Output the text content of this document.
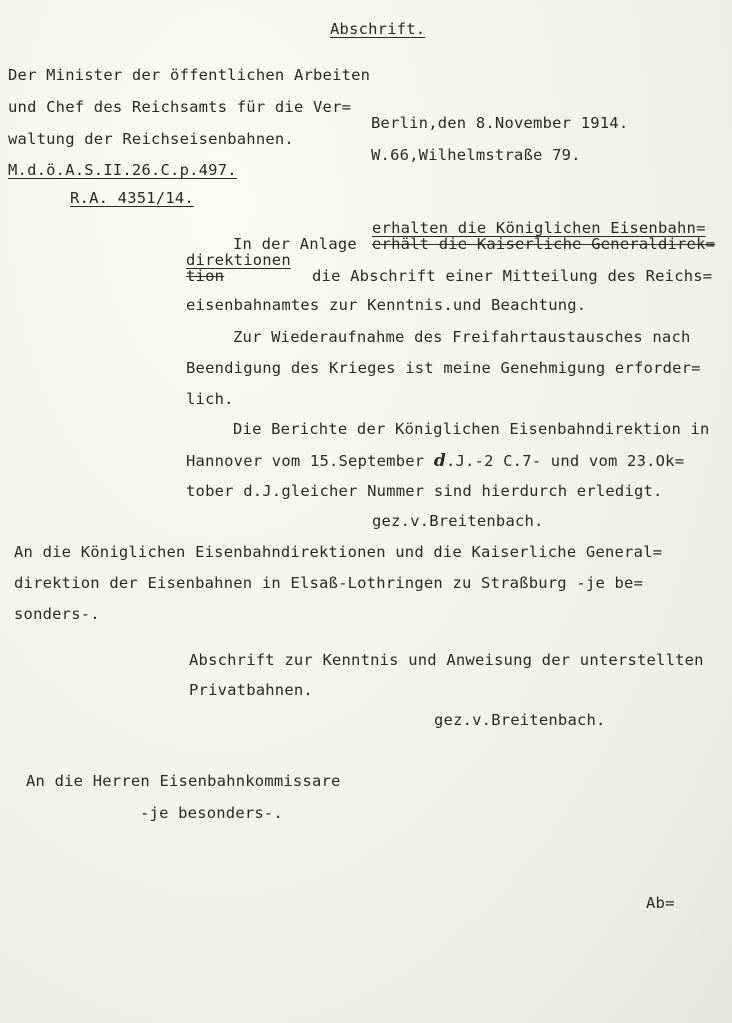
Abschrift.
Der Minister der öffentlichen Arbeiten
und Chef des Reichsamts für die Ver=
waltung der Reichseisenbahnen.
Berlin,den 8.November 1914.
W.66,Wilhelmstraße 79.
M.d.ö.A.S.II.26.C.p.497.
R.A. 4351/14.
erhalten die Königlichen Eisenbahn=
In der Anlage erhält die Kaiserliche Generaldirek=
direktionen
tion	die Abschrift einer Mitteilung des Reichs=
eisenbahnamtes zur Kenntnis.und Beachtung.
Zur Wiederaufnahme des Freifahrtaustausches nach
Beendigung des Krieges ist meine Genehmigung erforder=
lich.
Die Berichte der Königlichen Eisenbahndirektion in
Hannover vom 15.September d.J.-2 C.7- und vom 23.Ok=
tober d.J.gleicher Nummer sind hierdurch erledigt.
gez.v.Breitenbach.
An die Königlichen Eisenbahndirektionen und die Kaiserliche General=
direktion der Eisenbahnen in Elsaß-Lothringen zu Straßburg -je be=
sonders-.
Abschrift zur Kenntnis und Anweisung der unterstellten
Privatbahnen.
gez.v.Breitenbach.
An die Herren Eisenbahnkommissare
-je besonders-.
Ab=
